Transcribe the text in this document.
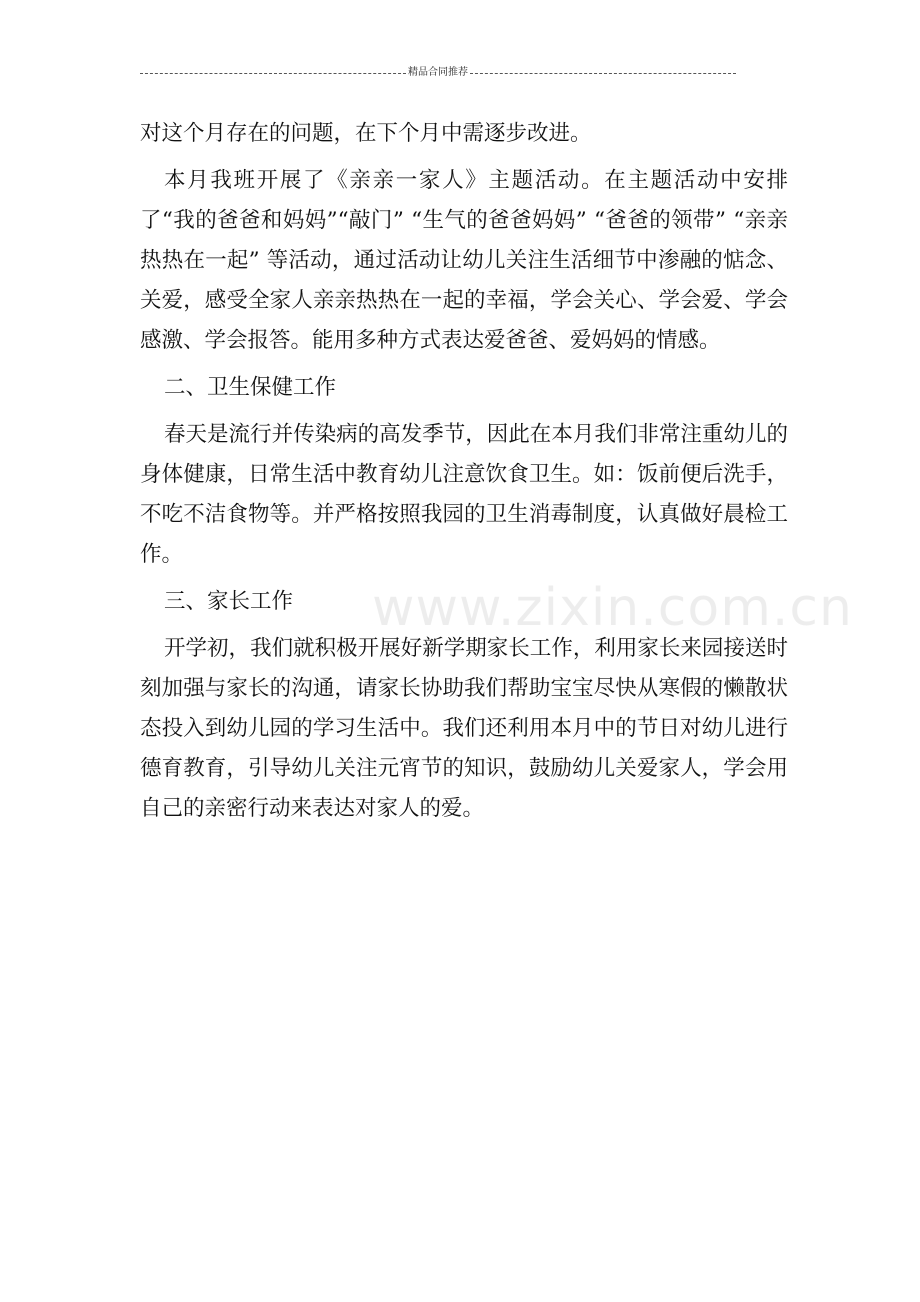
精品合同推荐
www.zixin.com.cn

对这个月存在的问题，在下个月中需逐步改进。

本月我班开展了《亲亲一家人》主题活动。在主题活动中安排了“我的爸爸和妈妈”“敲门” “生气的爸爸妈妈” “爸爸的领带” “亲亲热热在一起” 等活动，通过活动让幼儿关注生活细节中渗融的惦念、关爱，感受全家人亲亲热热在一起的幸福，学会关心、学会爱、学会感激、学会报答。能用多种方式表达爱爸爸、爱妈妈的情感。

二、卫生保健工作

春天是流行并传染病的高发季节，因此在本月我们非常注重幼儿的身体健康，日常生活中教育幼儿注意饮食卫生。如：饭前便后洗手，不吃不洁食物等。并严格按照我园的卫生消毒制度，认真做好晨检工作。

三、家长工作

开学初，我们就积极开展好新学期家长工作，利用家长来园接送时刻加强与家长的沟通，请家长协助我们帮助宝宝尽快从寒假的懒散状态投入到幼儿园的学习生活中。我们还利用本月中的节日对幼儿进行德育教育，引导幼儿关注元宵节的知识，鼓励幼儿关爱家人，学会用自己的亲密行动来表达对家人的爱。
